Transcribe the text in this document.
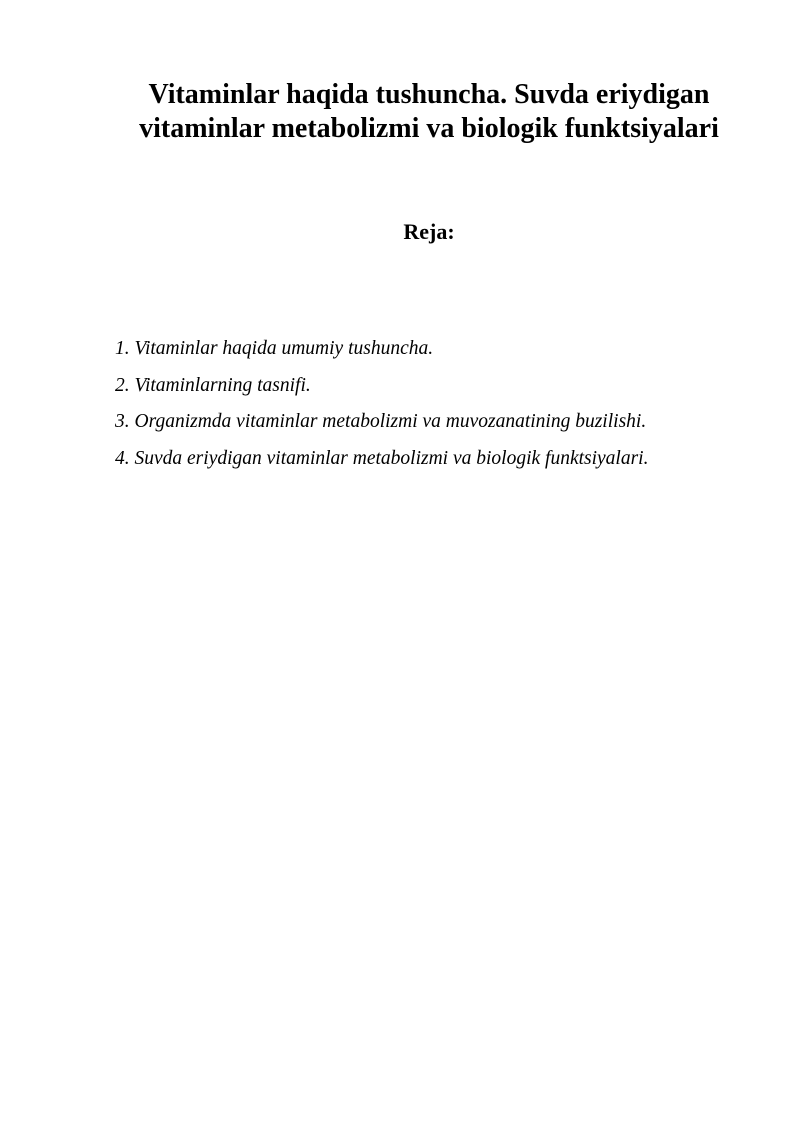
Vitaminlar haqida tushuncha. Suvda eriydigan
vitaminlar metabolizmi va biologik funktsiyalari
Reja:
1. Vitaminlar haqida umumiy tushuncha.
2. Vitaminlarning tasnifi.
3. Organizmda vitaminlar metabolizmi va muvozanatining buzilishi.
4. Suvda eriydigan vitaminlar metabolizmi va biologik funktsiyalari.
